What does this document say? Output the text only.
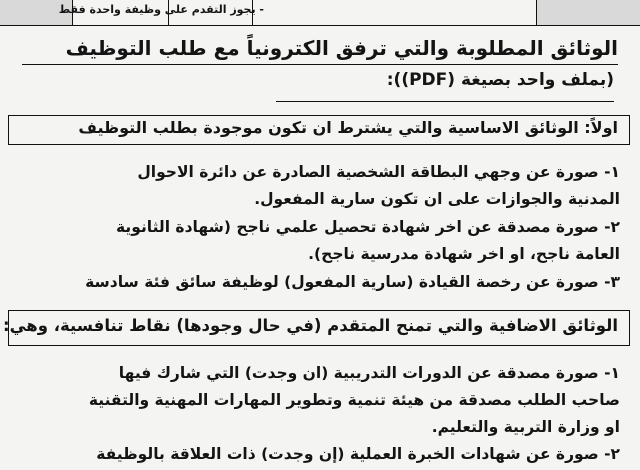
- يجوز التقدم على وظيفة واحدة فقط
الوثائق المطلوبة والتي ترفق الكترونياً مع طلب التوظيف
(بملف واحد بصيغة (PDF)):
اولاً: الوثائق الاساسية والتي يشترط ان تكون موجودة بطلب التوظيف
١- صورة عن وجهي البطاقة الشخصية الصادرة عن دائرة الاحوال
المدنية والجوازات على ان تكون سارية المفعول.
٢- صورة مصدقة عن اخر شهادة تحصيل علمي ناجح (شهادة الثانوية
العامة ناجح، او اخر شهادة مدرسية ناجح).
٣- صورة عن رخصة القيادة (سارية المفعول) لوظيفة سائق فئة سادسة
الوثائق الاضافية والتي تمنح المتقدم (في حال وجودها) نقاط تنافسية، وهي:
١- صورة مصدقة عن الدورات التدريبية (ان وجدت) التي شارك فيها
صاحب الطلب مصدقة من هيئة تنمية وتطوير المهارات المهنية والتقنية
او وزارة التربية والتعليم.
٢- صورة عن شهادات الخبرة العملية (إن وجدت) ذات العلاقة بالوظيفة
